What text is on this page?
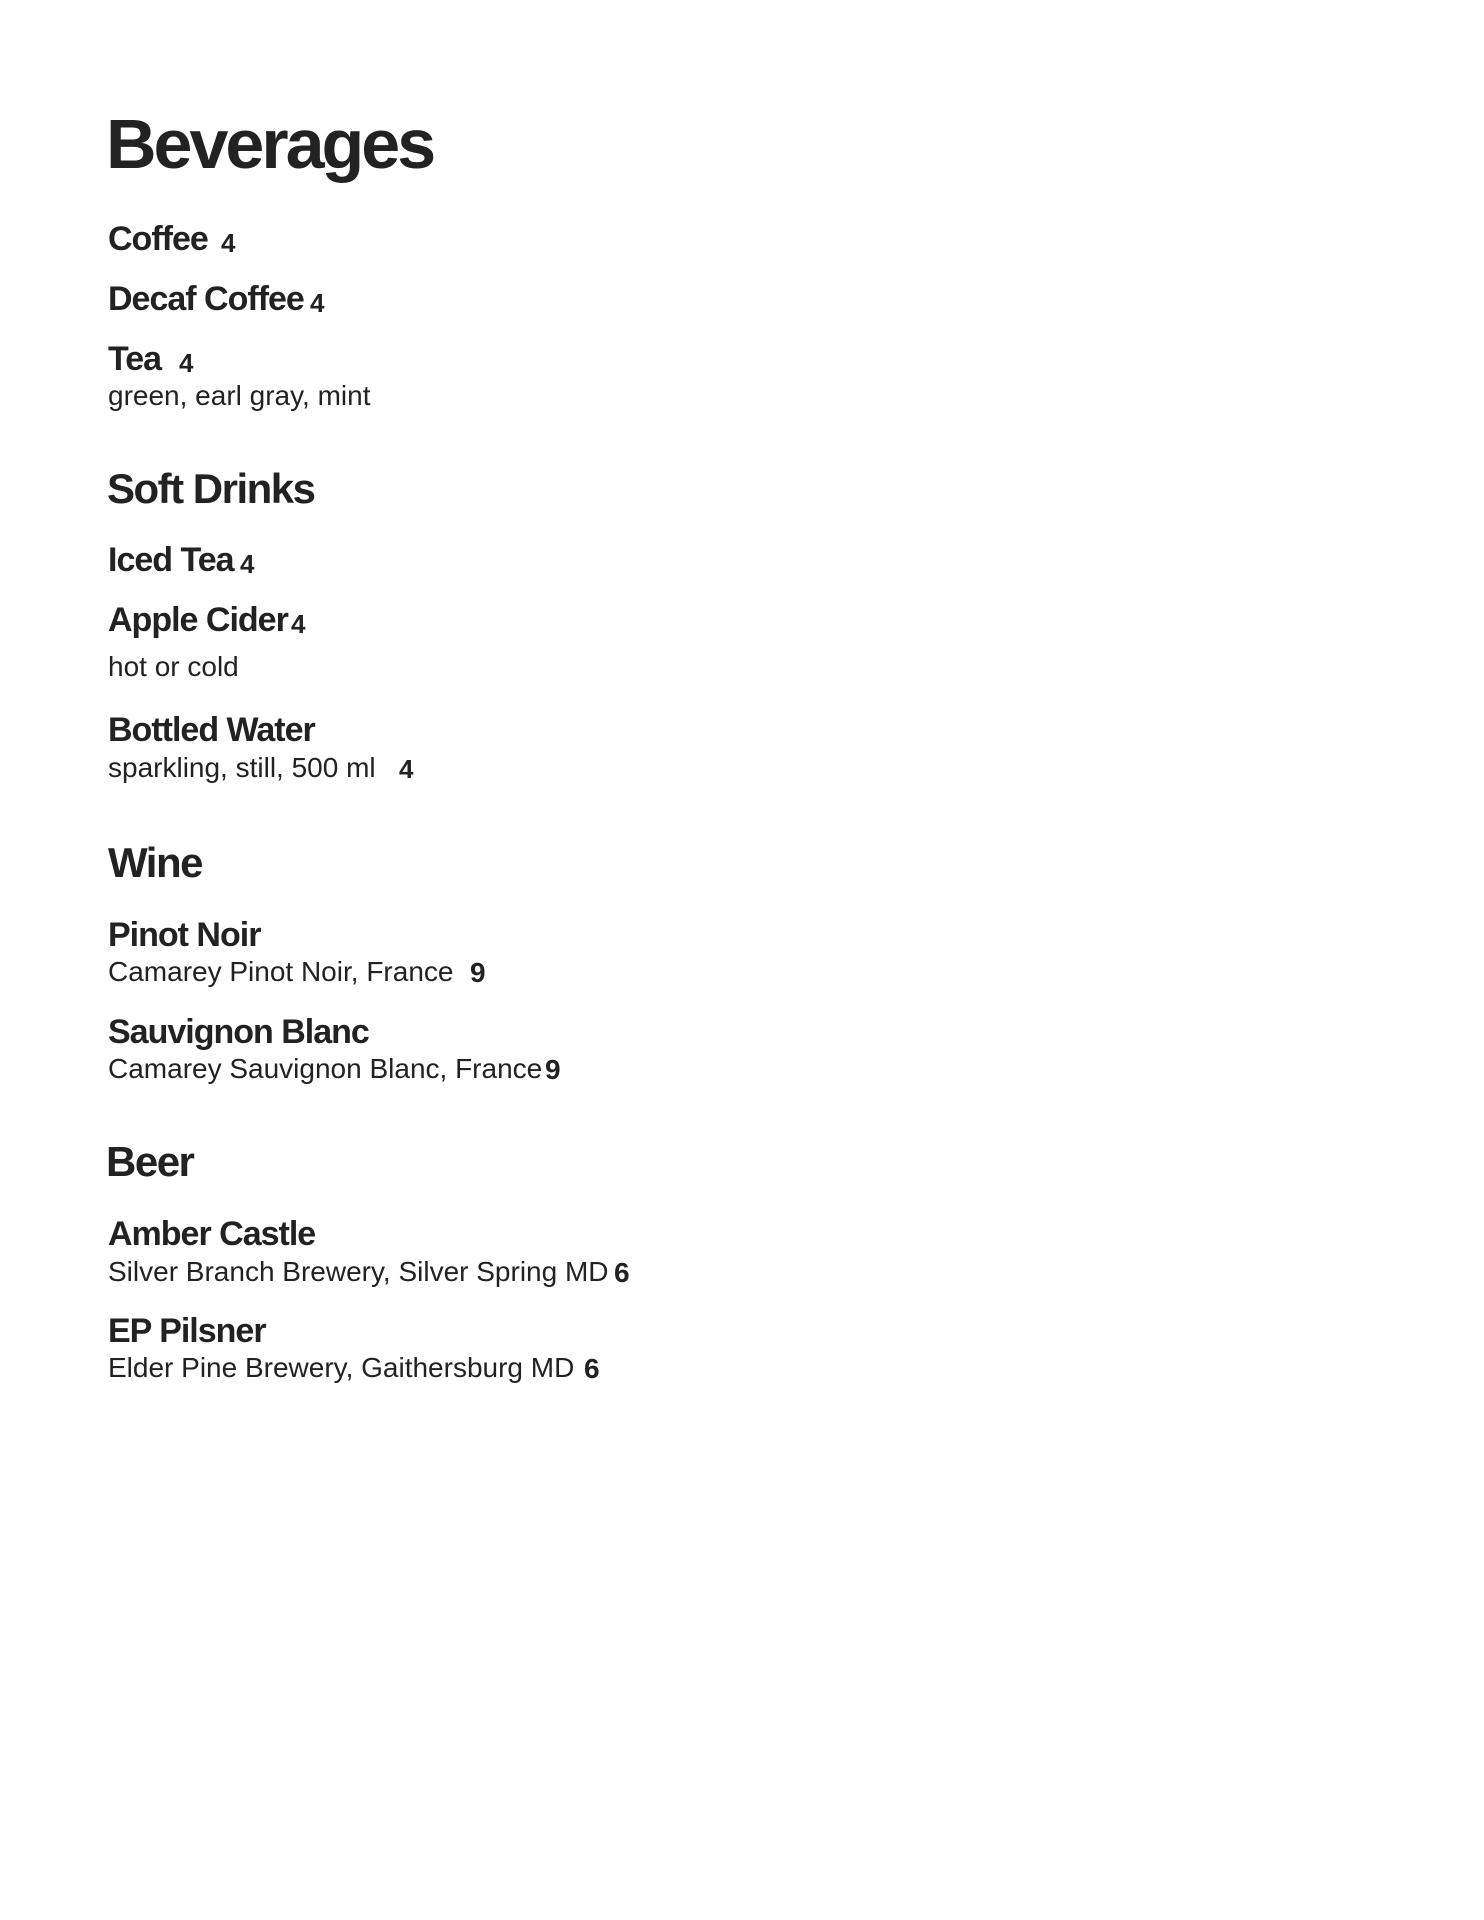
Beverages
Coffee 4
Decaf Coffee 4
Tea 4
green, earl gray, mint
Soft Drinks
Iced Tea 4
Apple Cider 4
hot or cold
Bottled Water
sparkling, still, 500 ml 4
Wine
Pinot Noir
Camarey Pinot Noir, France 9
Sauvignon Blanc
Camarey Sauvignon Blanc, France 9
Beer
Amber Castle
Silver Branch Brewery, Silver Spring MD 6
EP Pilsner
Elder Pine Brewery, Gaithersburg MD 6
